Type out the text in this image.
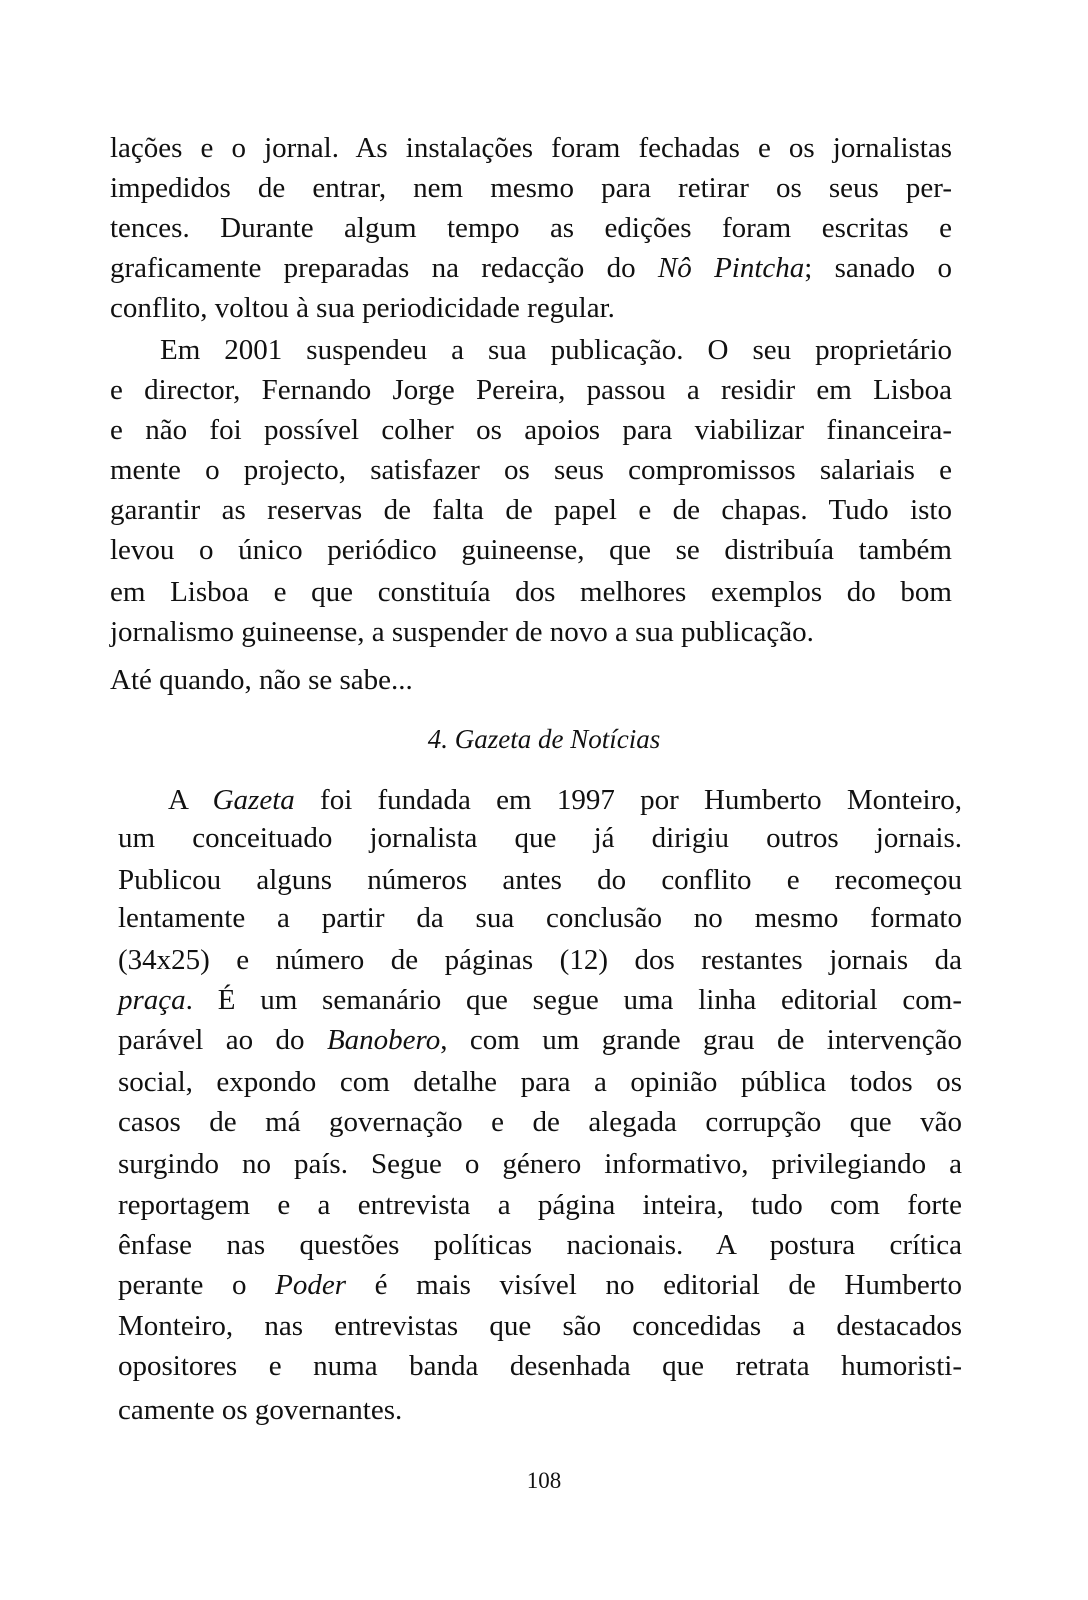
lações e o jornal. As instalações foram fechadas e os jornalistas
impedidos de entrar, nem mesmo para retirar os seus per-
tences. Durante algum tempo as edições foram escritas e
graficamente preparadas na redacção do Nô Pintcha; sanado o
conflito, voltou à sua periodicidade regular.
Em 2001 suspendeu a sua publicação. O seu proprietário
e director, Fernando Jorge Pereira, passou a residir em Lisboa
e não foi possível colher os apoios para viabilizar financeira-
mente o projecto, satisfazer os seus compromissos salariais e
garantir as reservas de falta de papel e de chapas. Tudo isto
levou o único periódico guineense, que se distribuía também
em Lisboa e que constituía dos melhores exemplos do bom
jornalismo guineense, a suspender de novo a sua publicação.
Até quando, não se sabe...
4. Gazeta de Notícias
A Gazeta foi fundada em 1997 por Humberto Monteiro,
um conceituado jornalista que já dirigiu outros jornais.
Publicou alguns números antes do conflito e recomeçou
lentamente a partir da sua conclusão no mesmo formato
(34x25) e número de páginas (12) dos restantes jornais da
praça. É um semanário que segue uma linha editorial com-
parável ao do Banobero, com um grande grau de intervenção
social, expondo com detalhe para a opinião pública todos os
casos de má governação e de alegada corrupção que vão
surgindo no país. Segue o género informativo, privilegiando a
reportagem e a entrevista a página inteira, tudo com forte
ênfase nas questões políticas nacionais. A postura crítica
perante o Poder é mais visível no editorial de Humberto
Monteiro, nas entrevistas que são concedidas a destacados
opositores e numa banda desenhada que retrata humoristi-
camente os governantes.
108
